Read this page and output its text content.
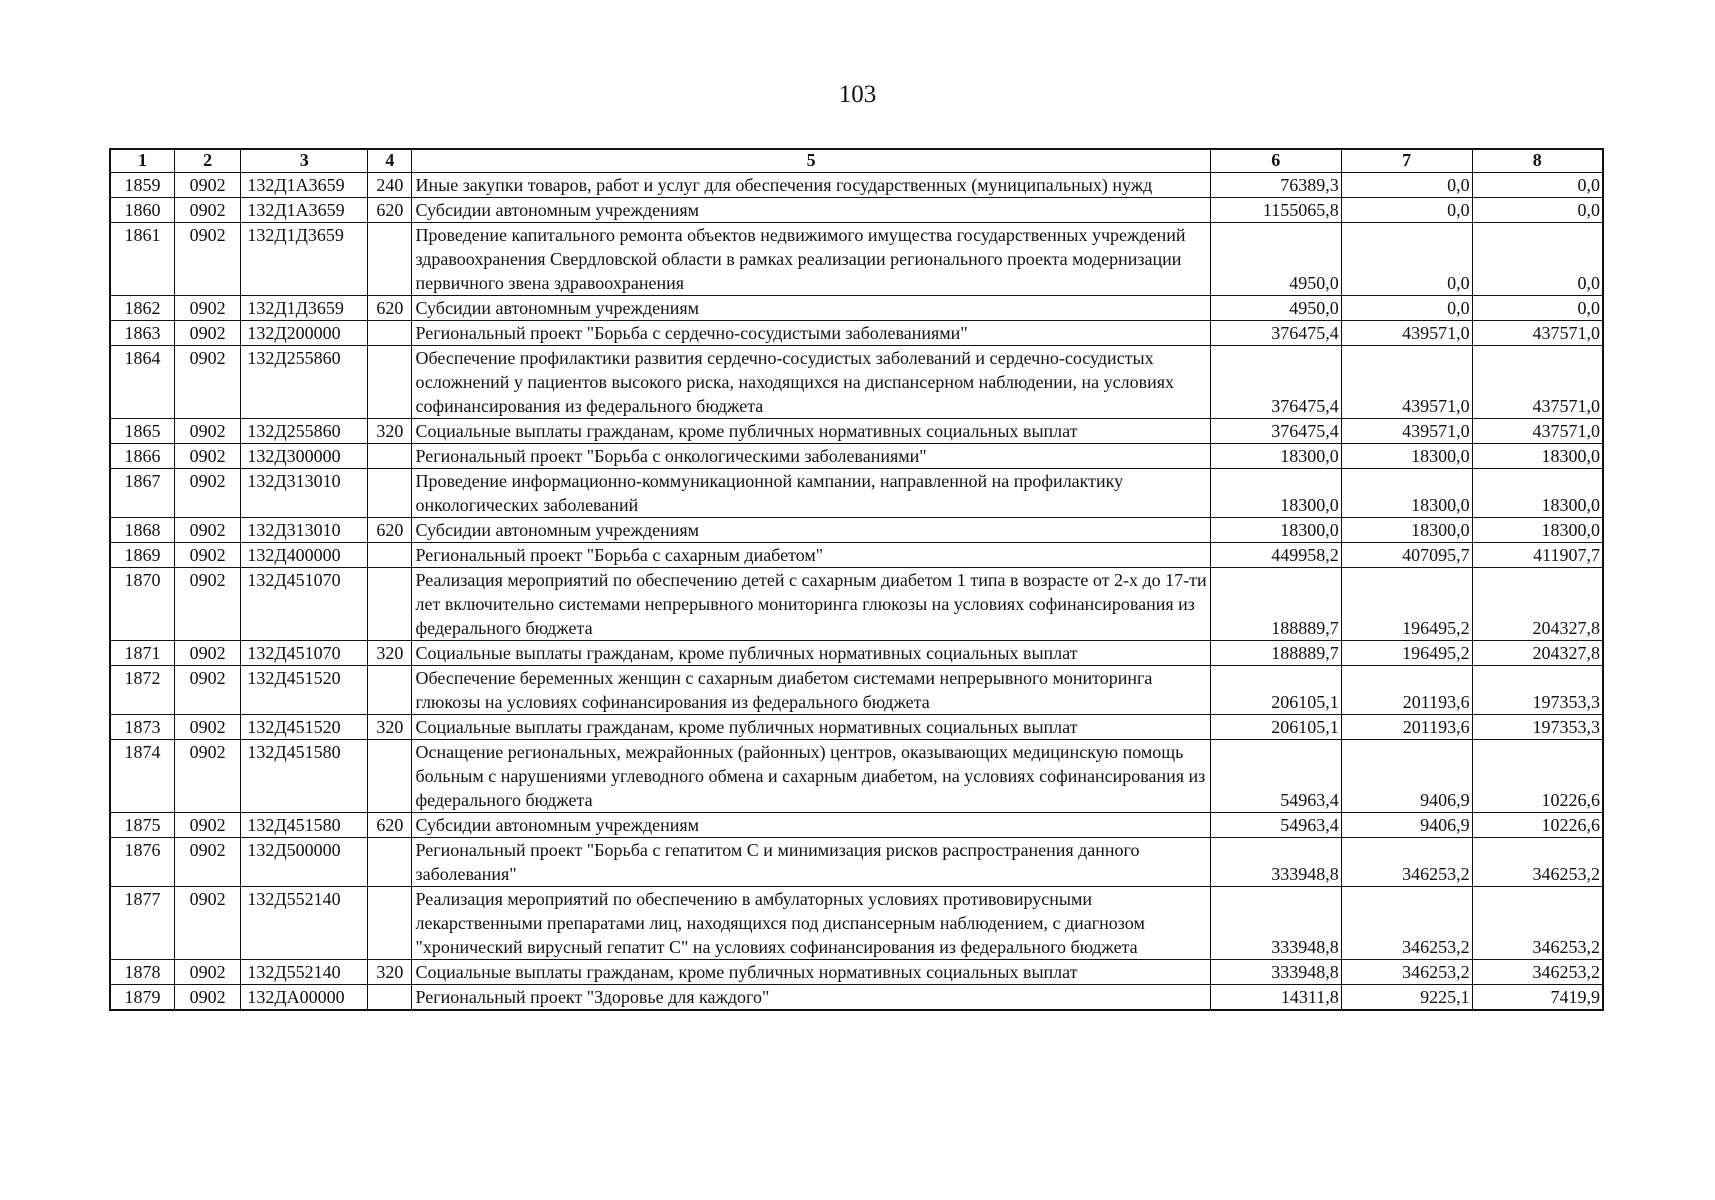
103
1	2	3	4	5	6	7	8
1859	0902	132Д1А3659	240	Иные закупки товаров, работ и услуг для обеспечения государственных (муниципальных) нужд	76389,3	0,0	0,0
1860	0902	132Д1А3659	620	Субсидии автономным учреждениям	1155065,8	0,0	0,0
1861	0902	132Д1Д3659		Проведение капитального ремонта объектов недвижимого имущества государственных учреждений здравоохранения Свердловской области в рамках реализации регионального проекта модернизации первичного звена здравоохранения	4950,0	0,0	0,0
1862	0902	132Д1Д3659	620	Субсидии автономным учреждениям	4950,0	0,0	0,0
1863	0902	132Д200000		Региональный проект "Борьба с сердечно-сосудистыми заболеваниями"	376475,4	439571,0	437571,0
1864	0902	132Д255860		Обеспечение профилактики развития сердечно-сосудистых заболеваний и сердечно-сосудистых осложнений у пациентов высокого риска, находящихся на диспансерном наблюдении, на условиях софинансирования из федерального бюджета	376475,4	439571,0	437571,0
1865	0902	132Д255860	320	Социальные выплаты гражданам, кроме публичных нормативных социальных выплат	376475,4	439571,0	437571,0
1866	0902	132Д300000		Региональный проект "Борьба с онкологическими заболеваниями"	18300,0	18300,0	18300,0
1867	0902	132Д313010		Проведение информационно-коммуникационной кампании, направленной на профилактику онкологических заболеваний	18300,0	18300,0	18300,0
1868	0902	132Д313010	620	Субсидии автономным учреждениям	18300,0	18300,0	18300,0
1869	0902	132Д400000		Региональный проект "Борьба с сахарным диабетом"	449958,2	407095,7	411907,7
1870	0902	132Д451070		Реализация мероприятий по обеспечению детей с сахарным диабетом 1 типа в возрасте от 2-х до 17-ти лет включительно системами непрерывного мониторинга глюкозы на условиях софинансирования из федерального бюджета	188889,7	196495,2	204327,8
1871	0902	132Д451070	320	Социальные выплаты гражданам, кроме публичных нормативных социальных выплат	188889,7	196495,2	204327,8
1872	0902	132Д451520		Обеспечение беременных женщин с сахарным диабетом системами непрерывного мониторинга глюкозы на условиях софинансирования из федерального бюджета	206105,1	201193,6	197353,3
1873	0902	132Д451520	320	Социальные выплаты гражданам, кроме публичных нормативных социальных выплат	206105,1	201193,6	197353,3
1874	0902	132Д451580		Оснащение региональных, межрайонных (районных) центров, оказывающих медицинскую помощь больным с нарушениями углеводного обмена и сахарным диабетом, на условиях софинансирования из федерального бюджета	54963,4	9406,9	10226,6
1875	0902	132Д451580	620	Субсидии автономным учреждениям	54963,4	9406,9	10226,6
1876	0902	132Д500000		Региональный проект "Борьба с гепатитом С и минимизация рисков распространения данного заболевания"	333948,8	346253,2	346253,2
1877	0902	132Д552140		Реализация мероприятий по обеспечению в амбулаторных условиях противовирусными лекарственными препаратами лиц, находящихся под диспансерным наблюдением, с диагнозом "хронический вирусный гепатит С" на условиях софинансирования из федерального бюджета	333948,8	346253,2	346253,2
1878	0902	132Д552140	320	Социальные выплаты гражданам, кроме публичных нормативных социальных выплат	333948,8	346253,2	346253,2
1879	0902	132ДА00000		Региональный проект "Здоровье для каждого"	14311,8	9225,1	7419,9
